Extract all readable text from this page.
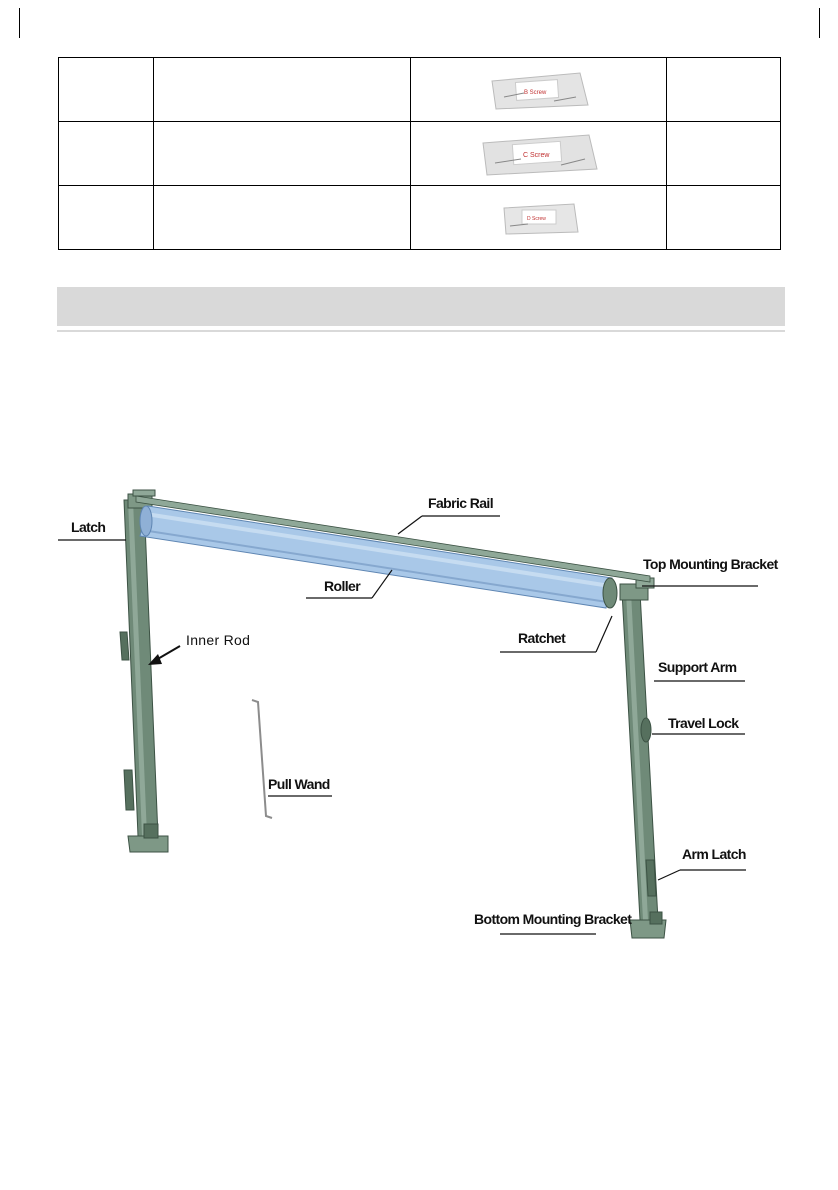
B Screw	

C Screw	

D Screw	

Latch
Fabric Rail
Top Mounting Bracket
Roller
Inner Rod	Ratchet
Support Arm
Travel Lock
Pull Wand
Arm Latch
Bottom Mounting Bracket
